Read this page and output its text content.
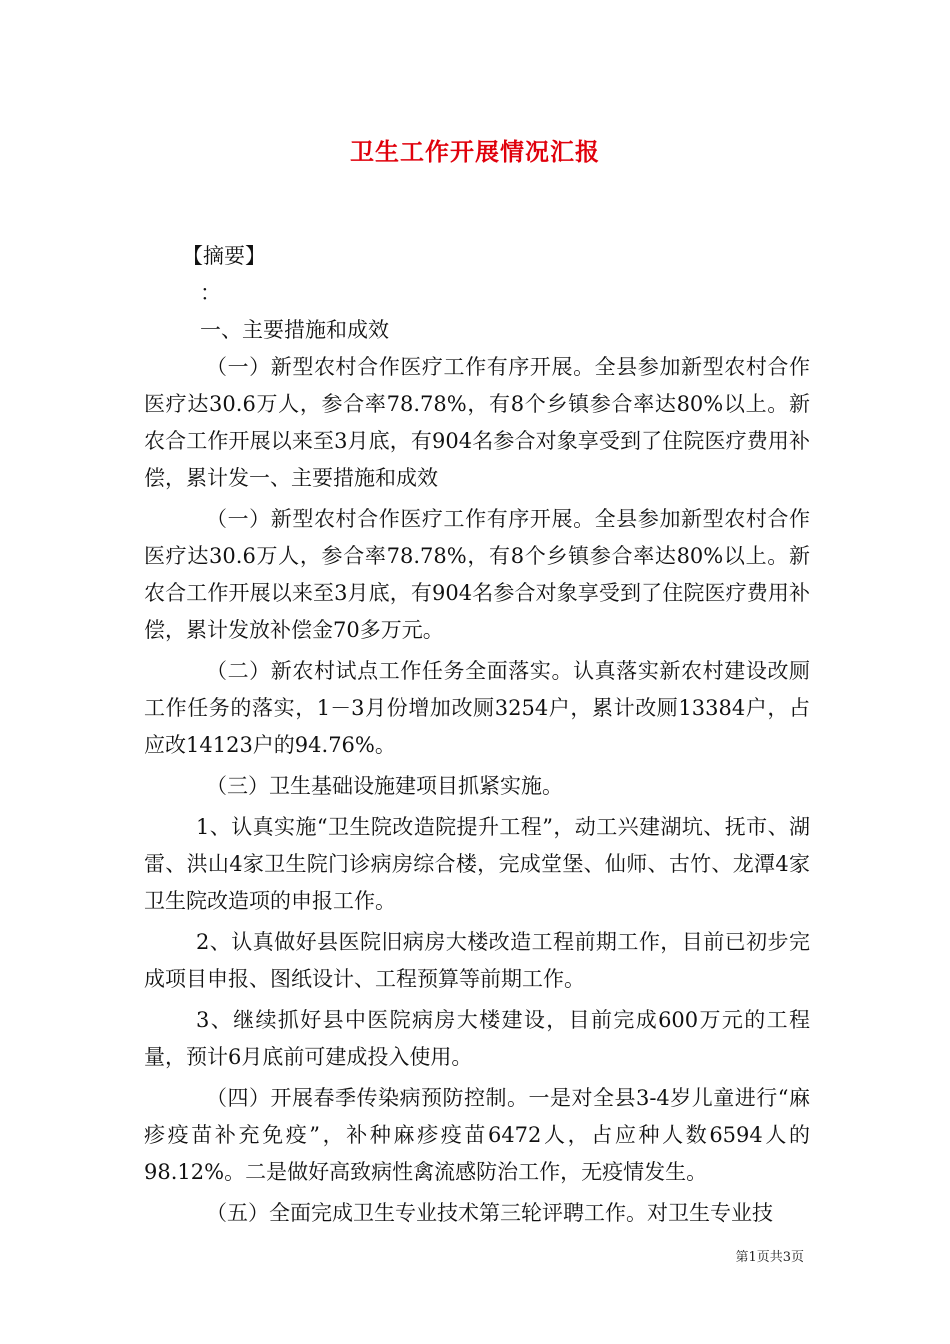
卫生工作开展情况汇报

【摘要】

：

一、主要措施和成效

（一）新型农村合作医疗工作有序开展。全县参加新型农村合作医疗达30.6万人，参合率78.78%，有8个乡镇参合率达80%以上。新农合工作开展以来至3月底，有904名参合对象享受到了住院医疗费用补偿，累计发一、主要措施和成效

（一）新型农村合作医疗工作有序开展。全县参加新型农村合作医疗达30.6万人，参合率78.78%，有8个乡镇参合率达80%以上。新农合工作开展以来至3月底，有904名参合对象享受到了住院医疗费用补偿，累计发放补偿金70多万元。

（二）新农村试点工作任务全面落实。认真落实新农村建设改厕工作任务的落实，1－3月份增加改厕3254户，累计改厕13384户，占应改14123户的94.76%。

（三）卫生基础设施建项目抓紧实施。

1、认真实施“卫生院改造院提升工程”，动工兴建湖坑、抚市、湖雷、洪山4家卫生院门诊病房综合楼，完成堂堡、仙师、古竹、龙潭4家卫生院改造项的申报工作。

2、认真做好县医院旧病房大楼改造工程前期工作，目前已初步完成项目申报、图纸设计、工程预算等前期工作。

3、继续抓好县中医院病房大楼建设，目前完成600万元的工程量，预计6月底前可建成投入使用。

（四）开展春季传染病预防控制。一是对全县3-4岁儿童进行“麻疹疫苗补充免疫”，补种麻疹疫苗6472人，占应种人数6594人的98.12%。二是做好高致病性禽流感防治工作，无疫情发生。

（五）全面完成卫生专业技术第三轮评聘工作。对卫生专业技

第1页共3页
